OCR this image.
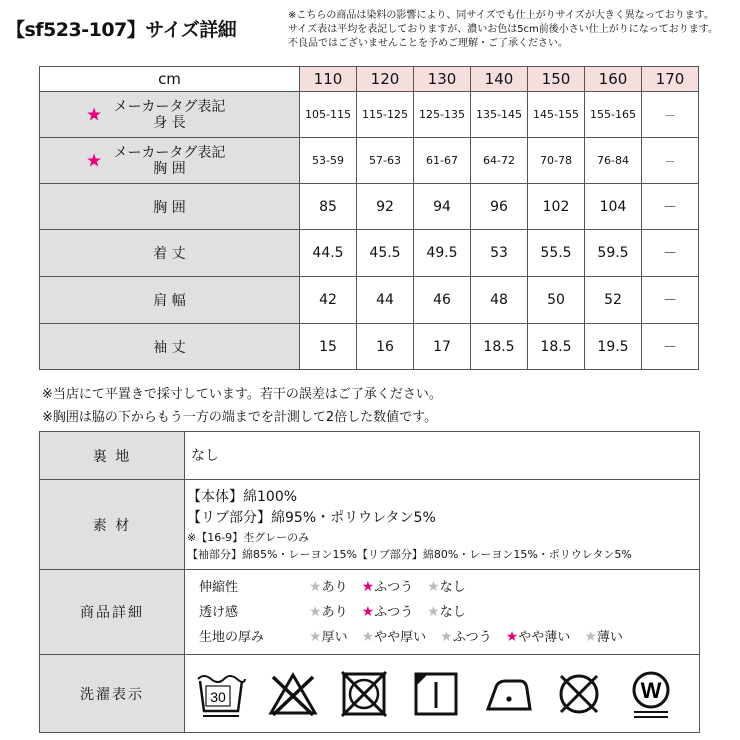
【sf523-107】サイズ詳細
※こちらの商品は染料の影響により、同サイズでも仕上がりサイズが大きく異なっております。
サイズ表は平均を表記しておりますが、濃いお色は5cm前後小さい仕上がりになっております。
不良品ではございませんことを予めご理解・ご了承ください。
cm	110	120	130	140	150	160	170

★ メーカータグ表記
身 長	105-115	115-125	125-135	135-145	145-155	155-165	－

★ メーカータグ表記
胸 囲	53-59	57-63	61-67	64-72	70-78	76-84	－
胸 囲	85	92	94	96	102	104	－
着 丈	44.5	45.5	49.5	53	55.5	59.5	－
肩 幅	42	44	46	48	50	52	－
袖 丈	15	16	17	18.5	18.5	19.5	－
※当店にて平置きで採寸しています。若干の誤差はご了承ください。
※胸囲は脇の下からもう一方の端までを計測して2倍した数値です。
裏 地	なし
素 材	【本体】綿100%
【リブ部分】綿95%・ポリウレタン5%
※【16-9】杢グレーのみ
【袖部分】綿85%・レーヨン15%【リブ部分】綿80%・レーヨン15%・ポリウレタン5%

商品詳細	伸縮性 ★あり ★ふつう ★なし
透け感 ★あり ★ふつう ★なし
生地の厚み ★厚い ★やや厚い ★ふつう ★やや薄い ★薄い

洗濯表示	30 W
